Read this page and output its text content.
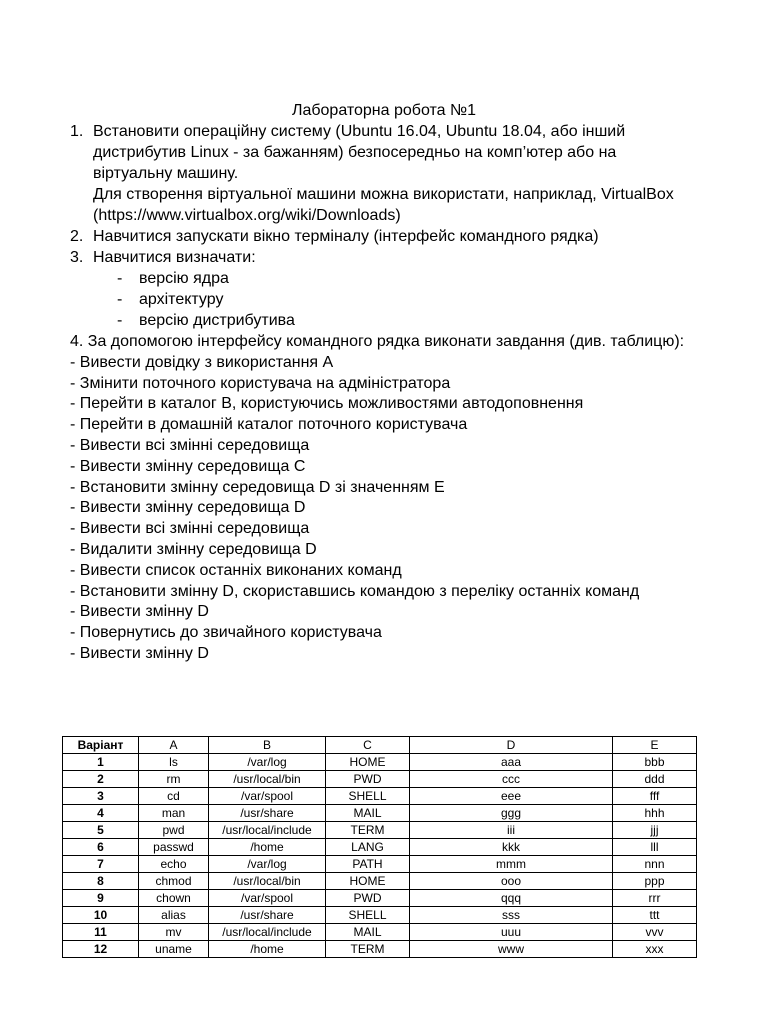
Лабораторна робота №1
1. Встановити операційну систему (Ubuntu 16.04, Ubuntu 18.04, або інший
дистрибутив Linux - за бажанням) безпосередньо на комп’ютер або на
віртуальну машину.
Для створення віртуальної машини можна використати, наприклад, VirtualBox
(https://www.virtualbox.org/wiki/Downloads)
2. Навчитися запускати вікно терміналу (інтерфейс командного рядка)
3. Навчитися визначати:
- версію ядра
- архітектуру
- версію дистрибутива
4. За допомогою інтерфейсу командного рядка виконати завдання (див. таблицю):
- Вивести довідку з використання A
- Змінити поточного користувача на адміністратора
- Перейти в каталог B, користуючись можливостями автодоповнення
- Перейти в домашній каталог поточного користувача
- Вивести всі змінні середовища
- Вивести змінну середовища C
- Встановити змінну середовища D зі значенням E
- Вивести змінну середовища D
- Вивести всі змінні середовища
- Видалити змінну середовища D
- Вивести список останніх виконаних команд
- Встановити змінну D, скориставшись командою з переліку останніх команд
- Вивести змінну D
- Повернутись до звичайного користувача
- Вивести змінну D
Варіант	A	B	C	D	E
1	ls	/var/log	HOME	aaa	bbb
2	rm	/usr/local/bin	PWD	ccc	ddd
3	cd	/var/spool	SHELL	eee	fff
4	man	/usr/share	MAIL	ggg	hhh
5	pwd	/usr/local/include	TERM	iii	jjj
6	passwd	/home	LANG	kkk	lll
7	echo	/var/log	PATH	mmm	nnn
8	chmod	/usr/local/bin	HOME	ooo	ppp
9	chown	/var/spool	PWD	qqq	rrr
10	alias	/usr/share	SHELL	sss	ttt
11	mv	/usr/local/include	MAIL	uuu	vvv
12	uname	/home	TERM	www	xxx
